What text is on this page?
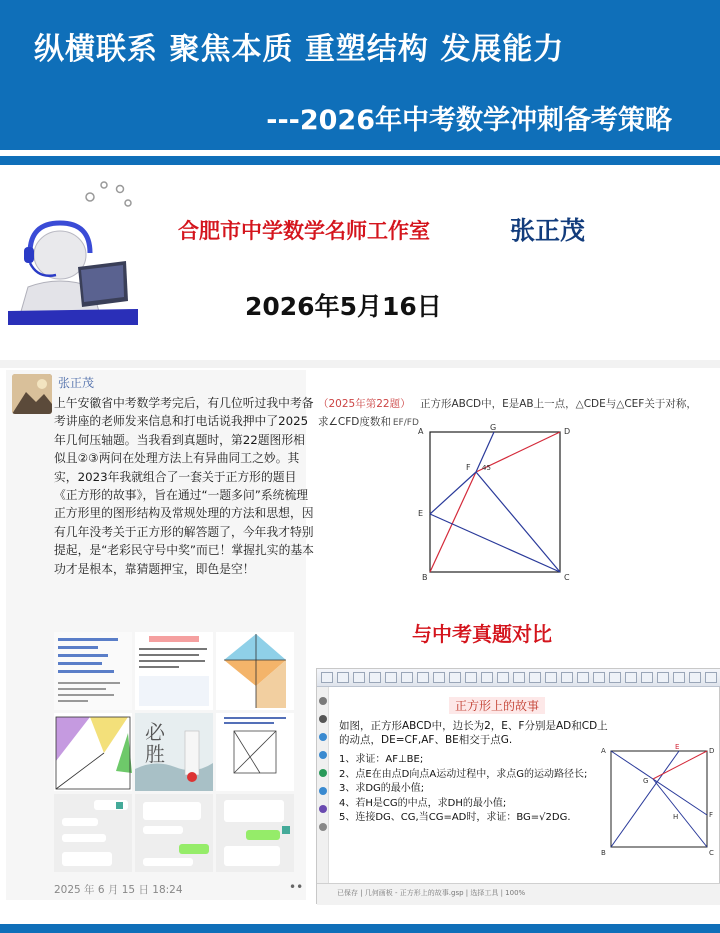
纵横联系 聚焦本质 重塑结构 发展能力
---2026年中考数学冲刺备考策略
合肥市中学数学名师工作室	张正茂
2026年5月16日
张正茂
上午安徽省中考数学考完后，有几位听过我中考备考讲座的老师发来信息和打电话说我押中了2025年几何压轴题。当我看到真题时，第22题图形相似且②③两问在处理方法上有异曲同工之妙。其实，2023年我就组合了一套关于正方形的题目《正方形的故事》，旨在通过“一题多问”系统梳理正方形里的图形结构及常规处理的方法和思想，因有几年没考关于正方形的解答题了，今年我才特别提起，是“老彩民守号中奖”而已！掌握扎实的基本功才是根本，靠猜题押宝，即色是空！
必
胜
2025 年 6 月 15 日 18:24	••
（2025年第22题） 正方形ABCD中，E是AB上一点，△CDE与△CEF关于对称，
求∠CFD度数和 EF/FD
A	G	D
F 45
E
B	C
与中考真题对比
正方形上的故事
如图，正方形ABCD中，边长为2，E、F分别是AD和CD上的动点，DE=CF,AF、BE相交于点G.
1、求证：AF⊥BE;
2、点E在由点D向点A运动过程中，求点G的运动路径长;
3、求DG的最小值;
4、若H是CG的中点，求DH的最小值;
5、连接DG、CG,当CG=AD时，求证：BG=√2DG.
A	E	D
G
F
H
B	C
已保存 | 几何画板 - 正方形上的故事.gsp | 选择工具 | 100%
